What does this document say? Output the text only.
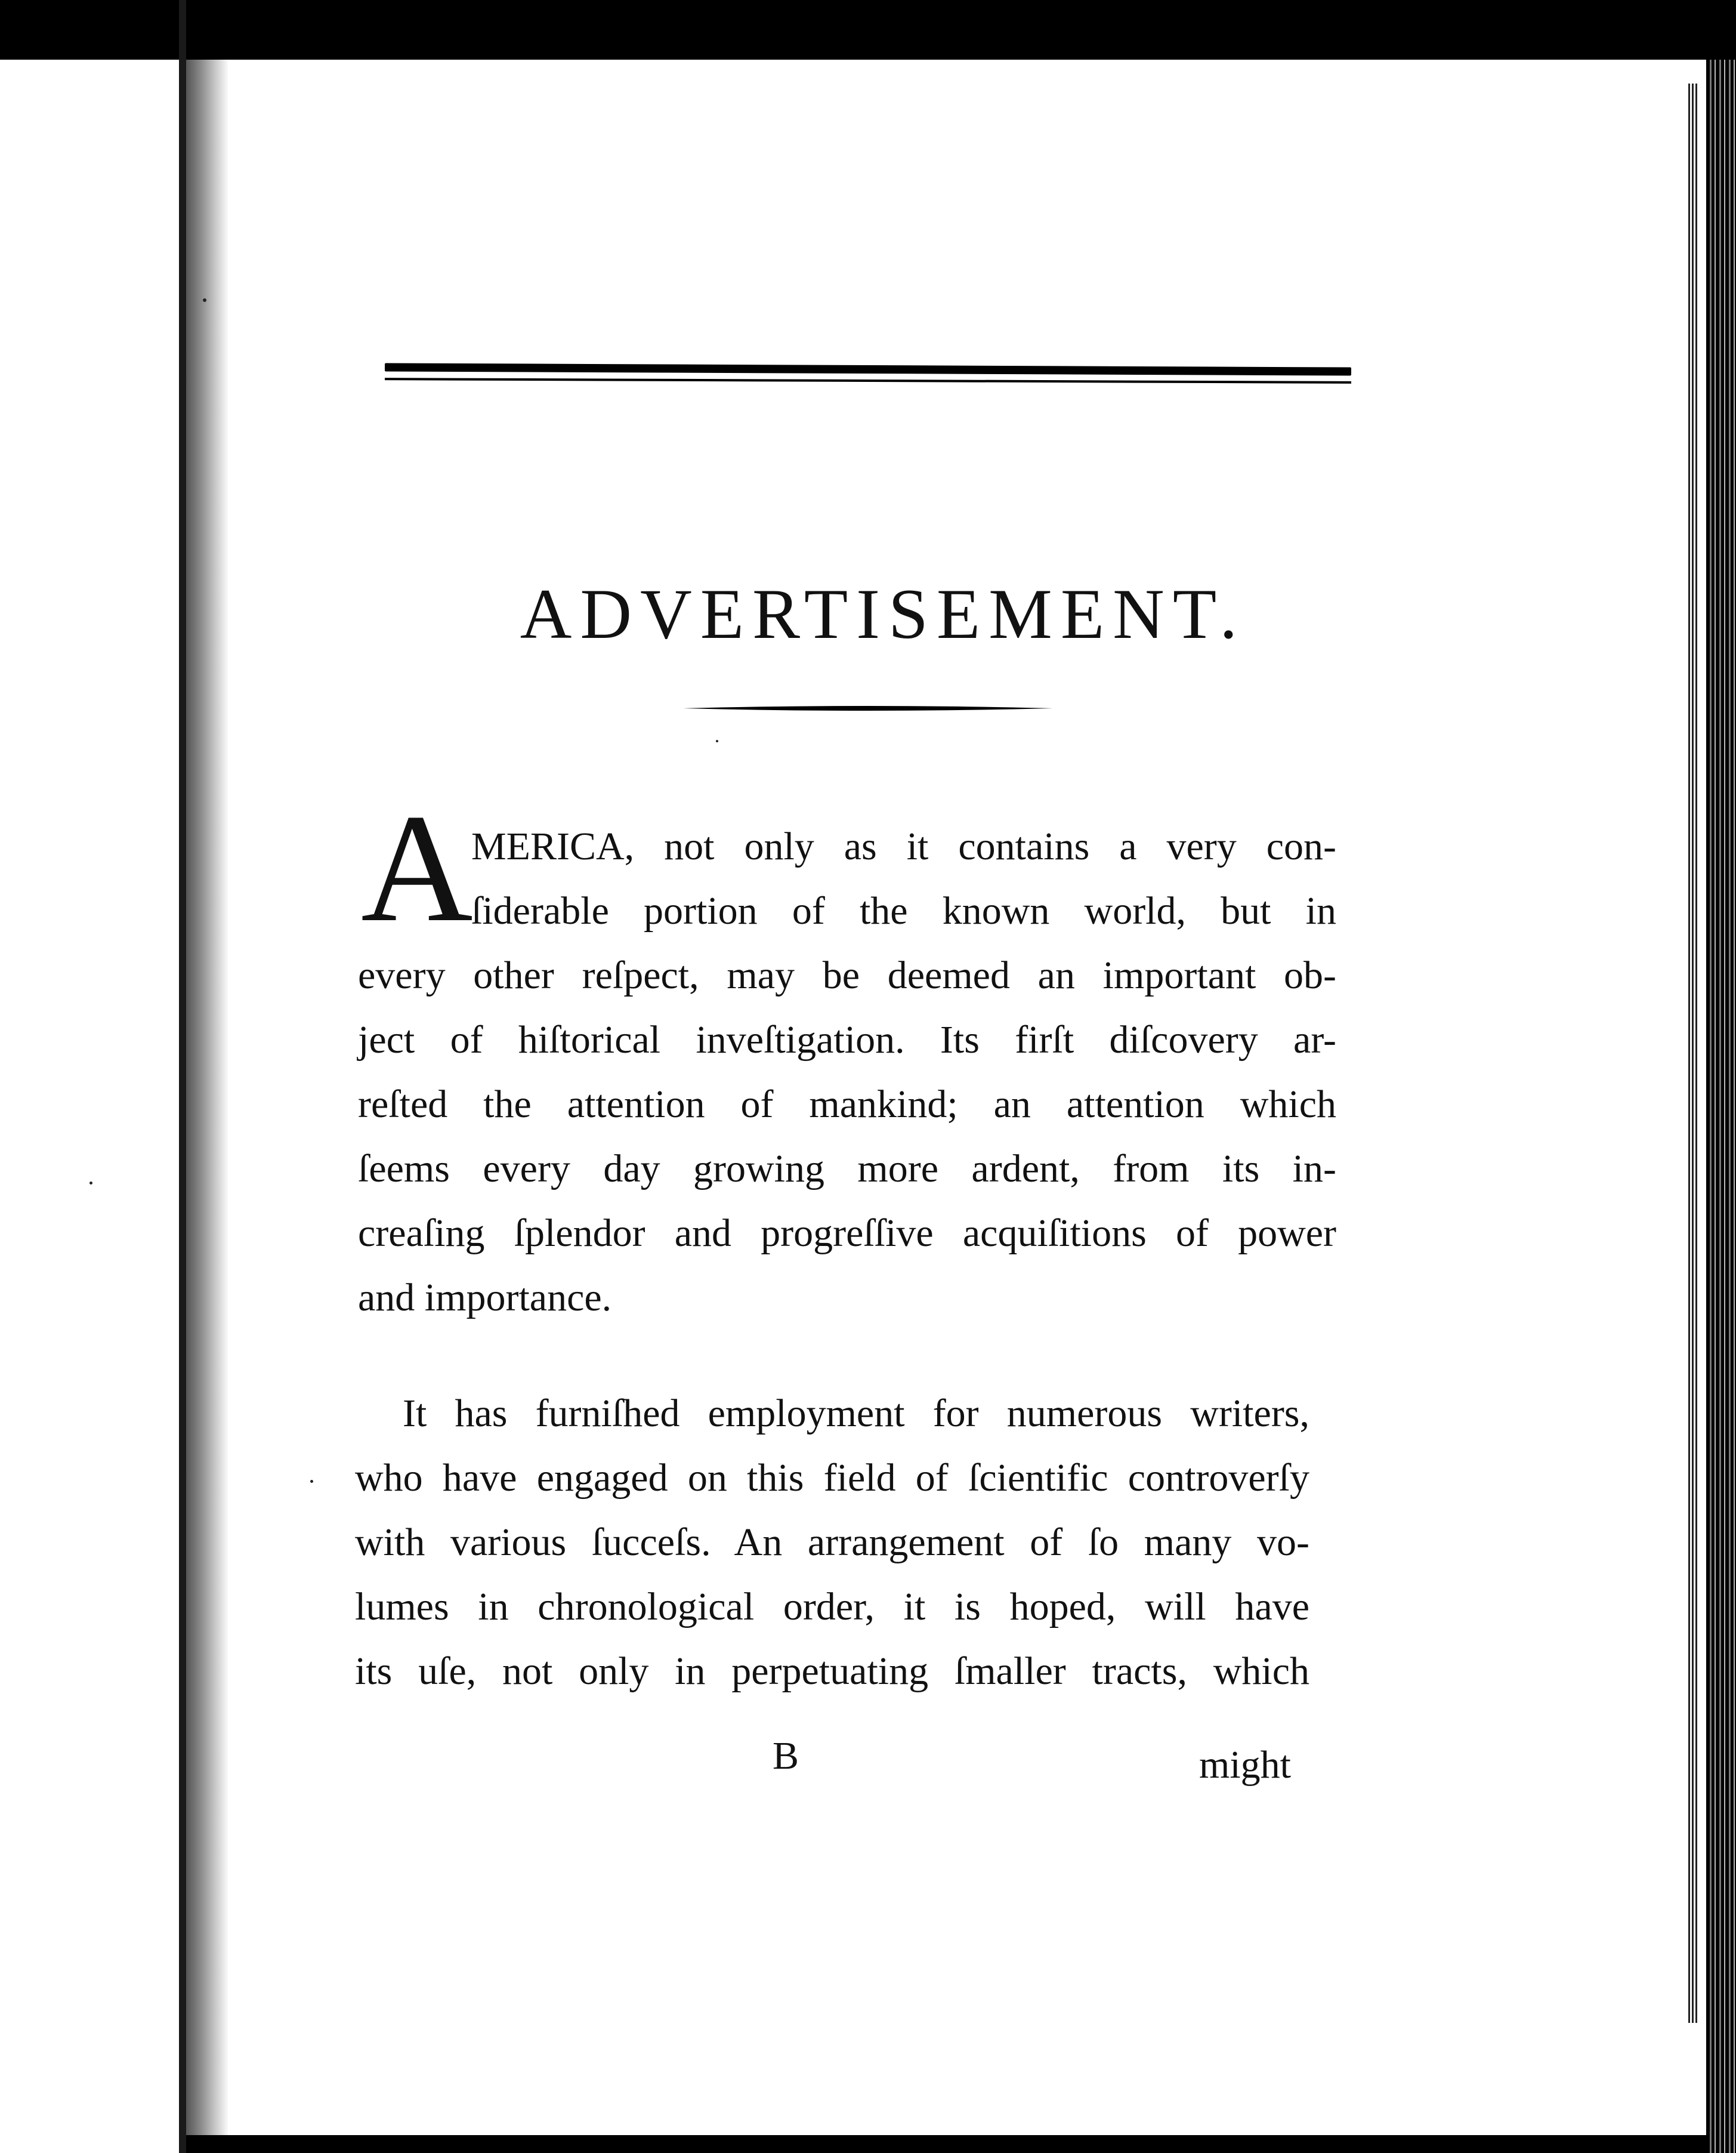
ADVERTISEMENT.
A
MERICA, not only as it contains a very con-
ſiderable portion of the known world, but in
every other reſpect, may be deemed an important ob-
ject of hiſtorical inveſtigation. Its firſt diſcovery ar-
reſted the attention of mankind; an attention which
ſeems every day growing more ardent, from its in-
creaſing ſplendor and progreſſive acquiſitions of power
and importance.
It has furniſhed employment for numerous writers,
who have engaged on this field of ſcientific controverſy
with various ſucceſs. An arrangement of ſo many vo-
lumes in chronological order, it is hoped, will have
its uſe, not only in perpetuating ſmaller tracts, which
B	might
